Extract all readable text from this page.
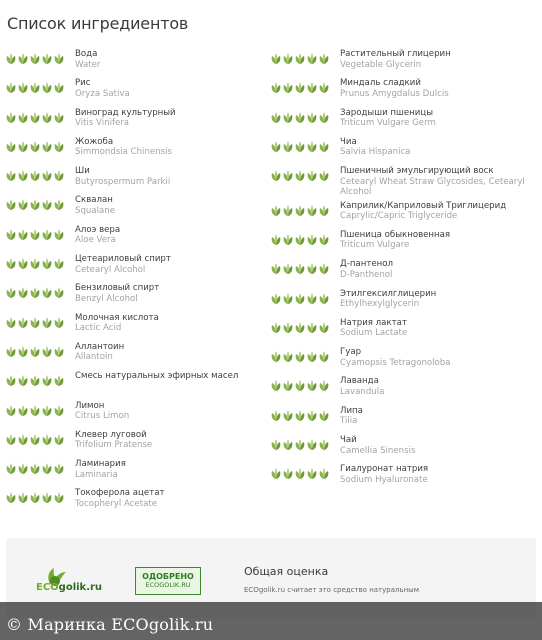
Список ингредиентов
Вода
Water
Рис
Oryza Sativa
Виноград культурный
Vitis Vinifera
Жожоба
Simmondsia Chinensis
Ши
Butyrospermum Parkii
Сквалан
Squalane
Алоэ вера
Aloe Vera
Цетеариловый спирт
Cetearyl Alcohol
Бензиловый спирт
Benzyl Alcohol
Молочная кислота
Lactic Acid
Аллантоин
Allantoin
Смесь натуральных эфирных масел
Лимон
Citrus Limon
Клевер луговой
Trifolium Pratense
Ламинария
Laminaria
Токоферола ацетат
Tocopheryl Acetate
Растительный глицерин
Vegetable Glycerin
Миндаль сладкий
Prunus Amygdalus Dulcis
Зародыши пшеницы
Triticum Vulgare Germ
Чиа
Salvia Hispanica
Пшеничный эмульгирующий воск
Cetearyl Wheat Straw Glycosides, Cetearyl Alcohol
Каприлик/Каприловый Триглицерид
Caprylic/Capric Triglyceride
Пшеница обыкновенная
Triticum Vulgare
Д-пантенол
D-Panthenol
Этилгексилглицерин
Ethylhexylglycerin
Натрия лактат
Sodium Lactate
Гуар
Cyamopsis Tetragonoloba
Лаванда
Lavandula
Липа
Tilia
Чай
Camellia Sinensis
Гиалуронат натрия
Sodium Hyaluronate
ECOgolik.ru
ОДОБРЕНО
ECOGOLIK.RU
Общая оценка
ECOgolik.ru считает это средство натуральным
© Маринка ECOgolik.ru
